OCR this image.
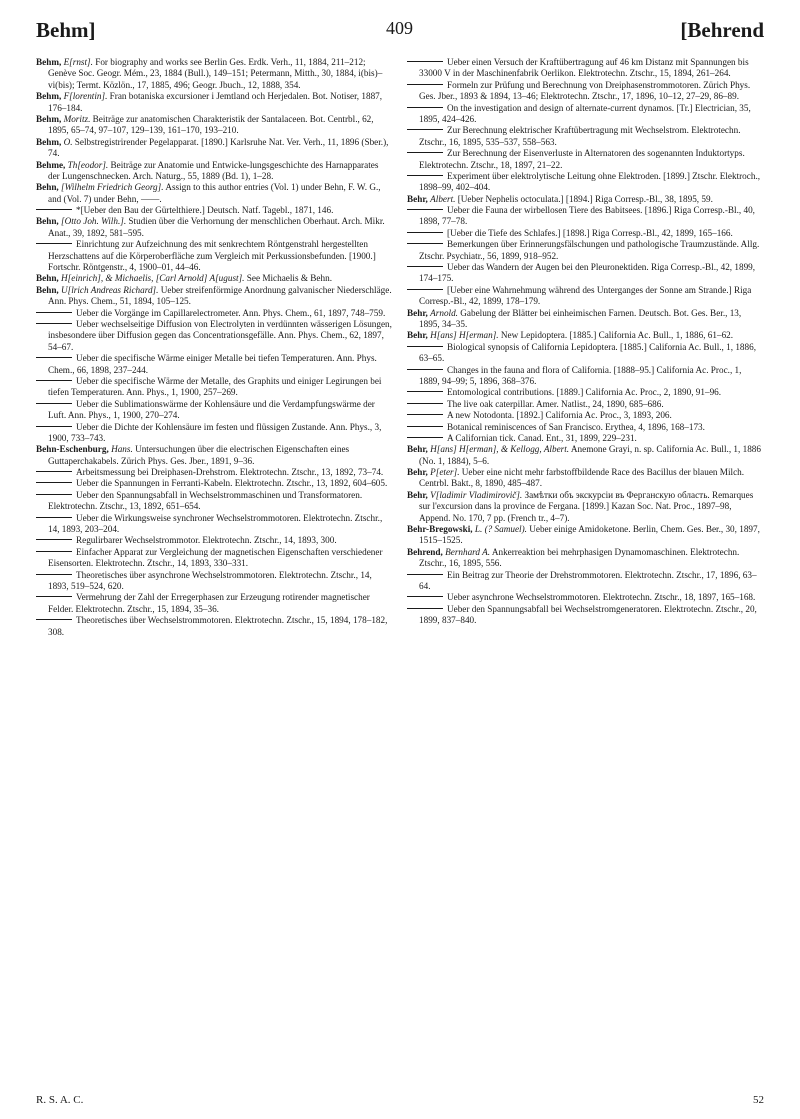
Behm]	409	[Behrend

Behm, E[rnst]. For biography and works see Berlin Ges. Erdk. Verh., 11, 1884, 211–212; Genève Soc. Geogr. Mém., 23, 1884 (Bull.), 149–151; Petermann, Mitth., 30, 1884, i(bis)–vi(bis); Termt. Közlön., 17, 1885, 496; Geogr. Jbuch., 12, 1888, 354.

Behm, F[lorentin]. Fran botaniska excursioner i Jemtland och Herjedalen. Bot. Notiser, 1887, 176–184.

Behm, Moritz. Beiträge zur anatomischen Charakteristik der Santalaceen. Bot. Centrbl., 62, 1895, 65–74, 97–107, 129–139, 161–170, 193–210.

Behm, O. Selbstregistrirender Pegelapparat. [1890.] Karlsruhe Nat. Ver. Verh., 11, 1896 (Sber.), 74.

Behme, Th[eodor]. Beiträge zur Anatomie und Entwicke-lungsgeschichte des Harnapparates der Lungenschnecken. Arch. Naturg., 55, 1889 (Bd. 1), 1–28.

Behn, [Wilhelm Friedrich Georg]. Assign to this author entries (Vol. 1) under Behn, F. W. G., and (Vol. 7) under Behn, ——.

*[Ueber den Bau der Gürtelthiere.] Deutsch. Natf. Tagebl., 1871, 146.

Behn, [Otto Joh. Wilh.]. Studien über die Verhornung der menschlichen Oberhaut. Arch. Mikr. Anat., 39, 1892, 581–595.

Einrichtung zur Aufzeichnung des mit senkrechtem Röntgenstrahl hergestellten Herzschattens auf die Körperoberfläche zum Vergleich mit Perkussionsbefunden. [1900.] Fortschr. Röntgenstr., 4, 1900–01, 44–46.

Behn, H[einrich], & Michaelis, [Carl Arnold] A[ugust]. See Michaelis & Behn.

Behn, U[lrich Andreas Richard]. Ueber streifenförmige Anordnung galvanischer Niederschläge. Ann. Phys. Chem., 51, 1894, 105–125.

Ueber die Vorgänge im Capillarelectrometer. Ann. Phys. Chem., 61, 1897, 748–759.

Ueber wechselseitige Diffusion von Electrolyten in verdünnten wässerigen Lösungen, insbesondere über Diffusion gegen das Concentrationsgefälle. Ann. Phys. Chem., 62, 1897, 54–67.

Ueber die specifische Wärme einiger Metalle bei tiefen Temperaturen. Ann. Phys. Chem., 66, 1898, 237–244.

Ueber die specifische Wärme der Metalle, des Graphits und einiger Legirungen bei tiefen Temperaturen. Ann. Phys., 1, 1900, 257–269.

Ueber die Sublimationswärme der Kohlensäure und die Verdampfungswärme der Luft. Ann. Phys., 1, 1900, 270–274.

Ueber die Dichte der Kohlensäure im festen und flüssigen Zustande. Ann. Phys., 3, 1900, 733–743.

Behn-Eschenburg, Hans. Untersuchungen über die electrischen Eigenschaften eines Guttaperchakabels. Zürich Phys. Ges. Jber., 1891, 9–36.

Arbeitsmessung bei Dreiphasen-Drehstrom. Elektrotechn. Ztschr., 13, 1892, 73–74.

Ueber die Spannungen in Ferranti-Kabeln. Elektrotechn. Ztschr., 13, 1892, 604–605.

Ueber den Spannungsabfall in Wechselstrommaschinen und Transformatoren. Elektrotechn. Ztschr., 13, 1892, 651–654.

Ueber die Wirkungsweise synchroner Wechselstrommotoren. Elektrotechn. Ztschr., 14, 1893, 203–204.

Regulirbarer Wechselstrommotor. Elektrotechn. Ztschr., 14, 1893, 300.

Einfacher Apparat zur Vergleichung der magnetischen Eigenschaften verschiedener Eisensorten. Elektrotechn. Ztschr., 14, 1893, 330–331.

Theoretisches über asynchrone Wechselstrommotoren. Elektrotechn. Ztschr., 14, 1893, 519–524, 620.

Vermehrung der Zahl der Erregerphasen zur Erzeugung rotirender magnetischer Felder. Elektrotechn. Ztschr., 15, 1894, 35–36.

Theoretisches über Wechselstrommotoren. Elektrotechn. Ztschr., 15, 1894, 178–182, 308.

Ueber einen Versuch der Kraftübertragung auf 46 km Distanz mit Spannungen bis 33000 V in der Maschinenfabrik Oerlikon. Elektrotechn. Ztschr., 15, 1894, 261–264.

Formeln zur Prüfung und Berechnung von Dreiphasenstrommotoren. Zürich Phys. Ges. Jber., 1893 & 1894, 13–46; Elektrotechn. Ztschr., 17, 1896, 10–12, 27–29, 86–89.

On the investigation and design of alternate-current dynamos. [Tr.] Electrician, 35, 1895, 424–426.

Zur Berechnung elektrischer Kraftübertragung mit Wechselstrom. Elektrotechn. Ztschr., 16, 1895, 535–537, 558–563.

Zur Berechnung der Eisenverluste in Alternatoren des sogenannten Induktortyps. Elektrotechn. Ztschr., 18, 1897, 21–22.

Experiment über elektrolytische Leitung ohne Elektroden. [1899.] Ztschr. Elektroch., 1898–99, 402–404.

Behr, Albert. [Ueber Nephelis octoculata.] [1894.] Riga Corresp.-Bl., 38, 1895, 59.

Ueber die Fauna der wirbellosen Tiere des Babitsees. [1896.] Riga Corresp.-Bl., 40, 1898, 77–78.

[Ueber die Tiefe des Schlafes.] [1898.] Riga Corresp.-Bl., 42, 1899, 165–166.

Bemerkungen über Erinnerungsfälschungen und pathologische Traumzustände. Allg. Ztschr. Psychiatr., 56, 1899, 918–952.

Ueber das Wandern der Augen bei den Pleuronektiden. Riga Corresp.-Bl., 42, 1899, 174–175.

[Ueber eine Wahrnehmung während des Unterganges der Sonne am Strande.] Riga Corresp.-Bl., 42, 1899, 178–179.

Behr, Arnold. Gabelung der Blätter bei einheimischen Farnen. Deutsch. Bot. Ges. Ber., 13, 1895, 34–35.

Behr, H[ans] H[erman]. New Lepidoptera. [1885.] California Ac. Bull., 1, 1886, 61–62.

Biological synopsis of California Lepidoptera. [1885.] California Ac. Bull., 1, 1886, 63–65.

Changes in the fauna and flora of California. [1888–95.] California Ac. Proc., 1, 1889, 94–99; 5, 1896, 368–376.

Entomological contributions. [1889.] California Ac. Proc., 2, 1890, 91–96.

The live oak caterpillar. Amer. Natlist., 24, 1890, 685–686.

A new Notodonta. [1892.] California Ac. Proc., 3, 1893, 206.

Botanical reminiscences of San Francisco. Erythea, 4, 1896, 168–173.

A Californian tick. Canad. Ent., 31, 1899, 229–231.

Behr, H[ans] H[erman], & Kellogg, Albert. Anemone Grayi, n. sp. California Ac. Bull., 1, 1886 (No. 1, 1884), 5–6.

Behr, P[eter]. Ueber eine nicht mehr farbstoffbildende Race des Bacillus der blauen Milch. Centrbl. Bakt., 8, 1890, 485–487.

Behr, V[ladimir Vladimirovič]. Замѣтки объ экскурсіи въ Ферганскую область. Remarques sur l'excursion dans la province de Fergana. [1899.] Kazan Soc. Nat. Proc., 1897–98, Append. No. 170, 7 pp. (French tr., 4–7).

Behr-Bregowski, L. (? Samuel). Ueber einige Amidoketone. Berlin, Chem. Ges. Ber., 30, 1897, 1515–1525.

Behrend, Bernhard A. Ankerreaktion bei mehrphasigen Dynamomaschinen. Elektrotechn. Ztschr., 16, 1895, 556.

Ein Beitrag zur Theorie der Drehstrommotoren. Elektrotechn. Ztschr., 17, 1896, 63–64.

Ueber asynchrone Wechselstrommotoren. Elektrotechn. Ztschr., 18, 1897, 165–168.

Ueber den Spannungsabfall bei Wechselstromgeneratoren. Elektrotechn. Ztschr., 20, 1899, 837–840.

R. S. A. C.	52
